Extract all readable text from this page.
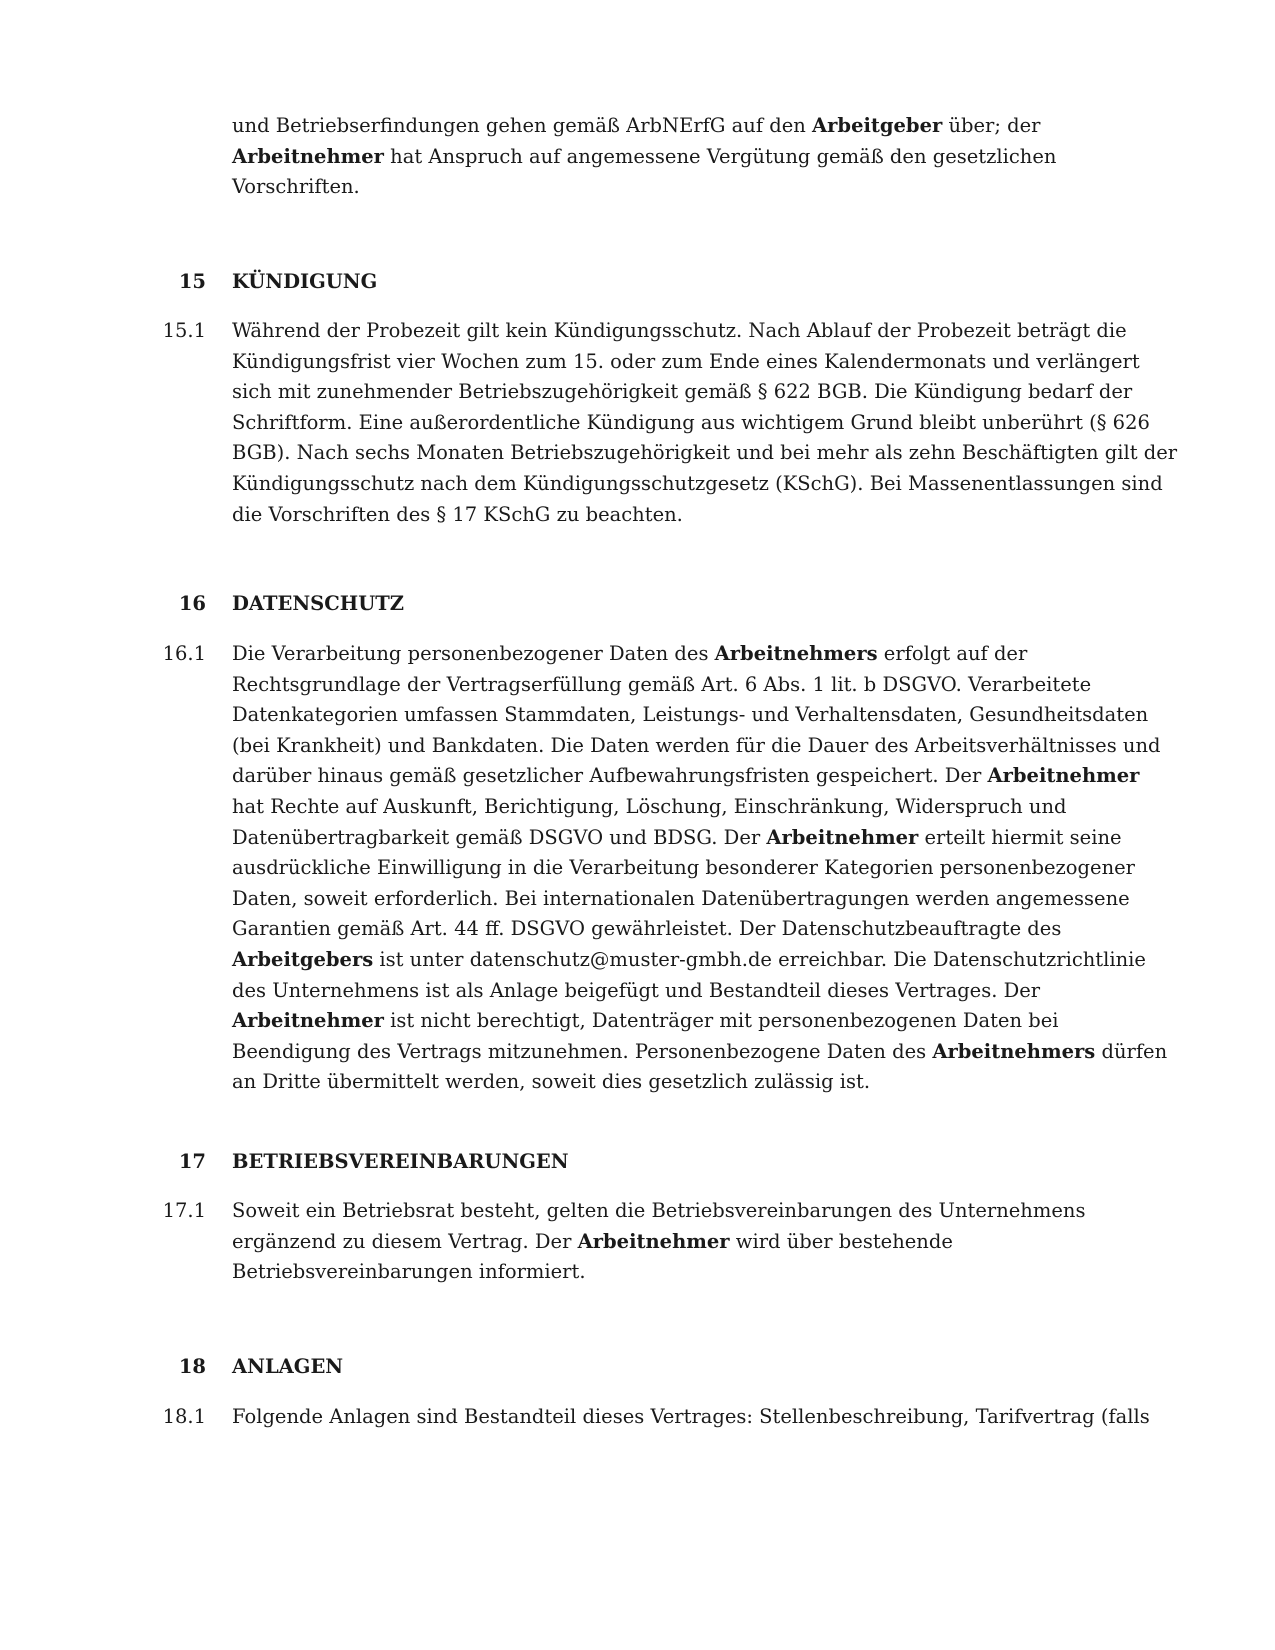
und Betriebserfindungen gehen gemäß ArbNErfG auf den Arbeitgeber über; der
Arbeitnehmer hat Anspruch auf angemessene Vergütung gemäß den gesetzlichen
Vorschriften.
15 KÜNDIGUNG
15.1 Während der Probezeit gilt kein Kündigungsschutz. Nach Ablauf der Probezeit beträgt die
Kündigungsfrist vier Wochen zum 15. oder zum Ende eines Kalendermonats und verlängert
sich mit zunehmender Betriebszugehörigkeit gemäß § 622 BGB. Die Kündigung bedarf der
Schriftform. Eine außerordentliche Kündigung aus wichtigem Grund bleibt unberührt (§ 626
BGB). Nach sechs Monaten Betriebszugehörigkeit und bei mehr als zehn Beschäftigten gilt der
Kündigungsschutz nach dem Kündigungsschutzgesetz (KSchG). Bei Massenentlassungen sind
die Vorschriften des § 17 KSchG zu beachten.
16 DATENSCHUTZ
16.1 Die Verarbeitung personenbezogener Daten des Arbeitnehmers erfolgt auf der
Rechtsgrundlage der Vertragserfüllung gemäß Art. 6 Abs. 1 lit. b DSGVO. Verarbeitete
Datenkategorien umfassen Stammdaten, Leistungs- und Verhaltensdaten, Gesundheitsdaten
(bei Krankheit) und Bankdaten. Die Daten werden für die Dauer des Arbeitsverhältnisses und
darüber hinaus gemäß gesetzlicher Aufbewahrungsfristen gespeichert. Der Arbeitnehmer
hat Rechte auf Auskunft, Berichtigung, Löschung, Einschränkung, Widerspruch und
Datenübertragbarkeit gemäß DSGVO und BDSG. Der Arbeitnehmer erteilt hiermit seine
ausdrückliche Einwilligung in die Verarbeitung besonderer Kategorien personenbezogener
Daten, soweit erforderlich. Bei internationalen Datenübertragungen werden angemessene
Garantien gemäß Art. 44 ff. DSGVO gewährleistet. Der Datenschutzbeauftragte des
Arbeitgebers ist unter datenschutz@muster-gmbh.de erreichbar. Die Datenschutzrichtlinie
des Unternehmens ist als Anlage beigefügt und Bestandteil dieses Vertrages. Der
Arbeitnehmer ist nicht berechtigt, Datenträger mit personenbezogenen Daten bei
Beendigung des Vertrags mitzunehmen. Personenbezogene Daten des Arbeitnehmers dürfen
an Dritte übermittelt werden, soweit dies gesetzlich zulässig ist.
17 BETRIEBSVEREINBARUNGEN
17.1 Soweit ein Betriebsrat besteht, gelten die Betriebsvereinbarungen des Unternehmens
ergänzend zu diesem Vertrag. Der Arbeitnehmer wird über bestehende
Betriebsvereinbarungen informiert.
18 ANLAGEN
18.1 Folgende Anlagen sind Bestandteil dieses Vertrages: Stellenbeschreibung, Tarifvertrag (falls
